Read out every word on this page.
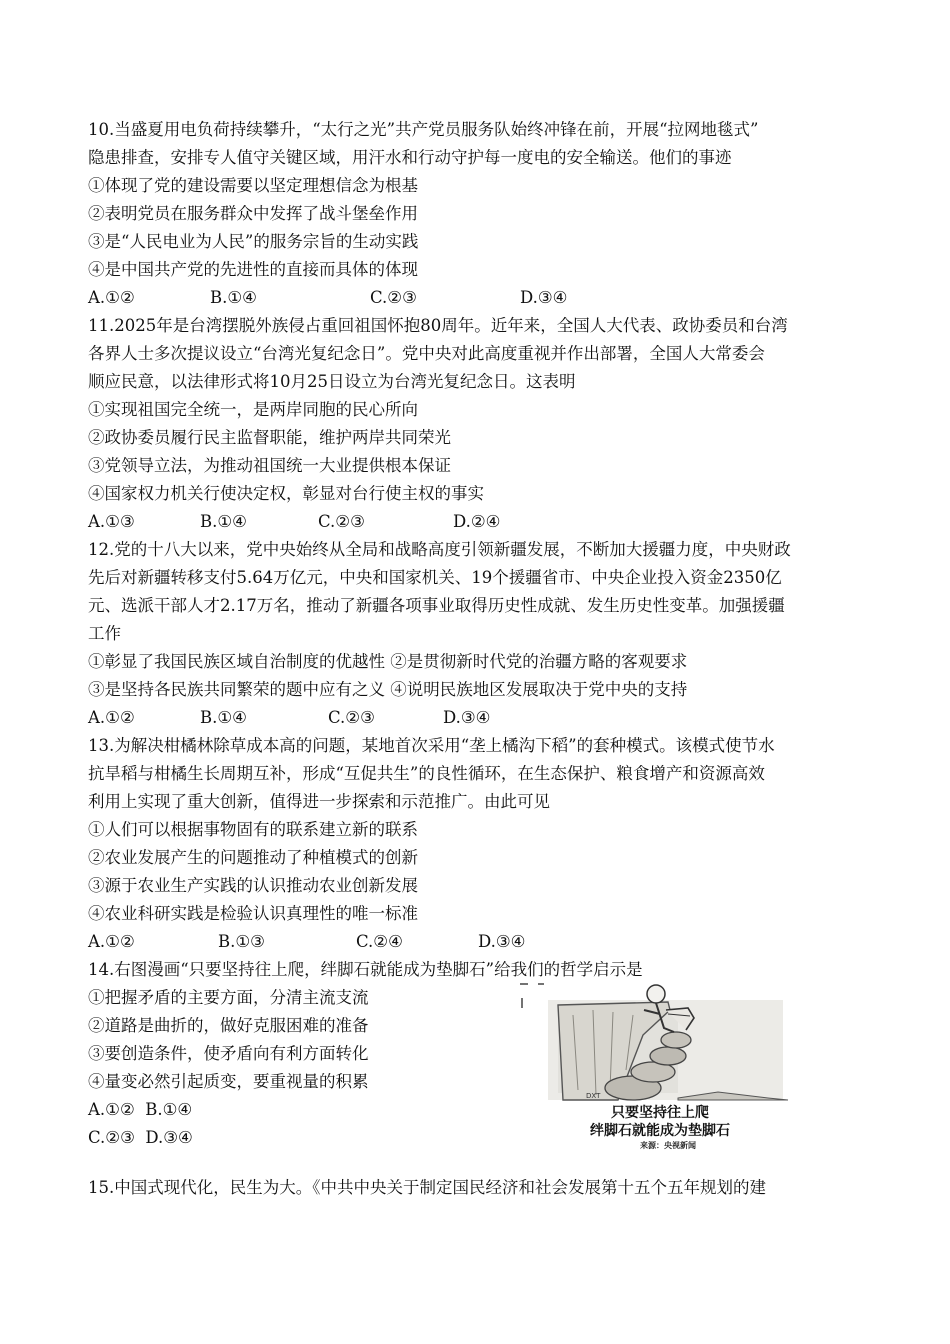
10.当盛夏用电负荷持续攀升，“太行之光”共产党员服务队始终冲锋在前，开展“拉网地毯式”
隐患排查，安排专人值守关键区域，用汗水和行动守护每一度电的安全输送。他们的事迹
①体现了党的建设需要以坚定理想信念为根基
②表明党员在服务群众中发挥了战斗堡垒作用
③是“人民电业为人民”的服务宗旨的生动实践
④是中国共产党的先进性的直接而具体的体现
A.①②	B.①④	C.②③	D.③④
11.2025年是台湾摆脱外族侵占重回祖国怀抱80周年。近年来，全国人大代表、政协委员和台湾
各界人士多次提议设立“台湾光复纪念日”。党中央对此高度重视并作出部署，全国人大常委会
顺应民意，以法律形式将10月25日设立为台湾光复纪念日。这表明
①实现祖国完全统一，是两岸同胞的民心所向
②政协委员履行民主监督职能，维护两岸共同荣光
③党领导立法，为推动祖国统一大业提供根本保证
④国家权力机关行使决定权，彰显对台行使主权的事实
A.①③	B.①④	C.②③	D.②④
12.党的十八大以来，党中央始终从全局和战略高度引领新疆发展，不断加大援疆力度，中央财政
先后对新疆转移支付5.64万亿元，中央和国家机关、19个援疆省市、中央企业投入资金2350亿
元、选派干部人才2.17万名，推动了新疆各项事业取得历史性成就、发生历史性变革。加强援疆
工作
①彰显了我国民族区域自治制度的优越性 ②是贯彻新时代党的治疆方略的客观要求
③是坚持各民族共同繁荣的题中应有之义 ④说明民族地区发展取决于党中央的支持
A.①②	B.①④	C.②③	D.③④
13.为解决柑橘林除草成本高的问题，某地首次采用“垄上橘沟下稻”的套种模式。该模式使节水
抗旱稻与柑橘生长周期互补，形成“互促共生”的良性循环，在生态保护、粮食增产和资源高效
利用上实现了重大创新，值得进一步探索和示范推广。由此可见
①人们可以根据事物固有的联系建立新的联系
②农业发展产生的问题推动了种植模式的创新
③源于农业生产实践的认识推动农业创新发展
④农业科研实践是检验认识真理性的唯一标准
A.①②	B.①③	C.②④	D.③④
14.右图漫画“只要坚持往上爬，绊脚石就能成为垫脚石”给我们的哲学启示是
①把握矛盾的主要方面，分清主流支流
②道路是曲折的，做好克服困难的准备
③要创造条件，使矛盾向有利方面转化
④量变必然引起质变，要重视量的积累
A.①②  B.①④
C.②③  D.③④
DXT
只要坚持往上爬
绊脚石就能成为垫脚石
来源：央视新闻
15.中国式现代化，民生为大。《中共中央关于制定国民经济和社会发展第十五个五年规划的建
